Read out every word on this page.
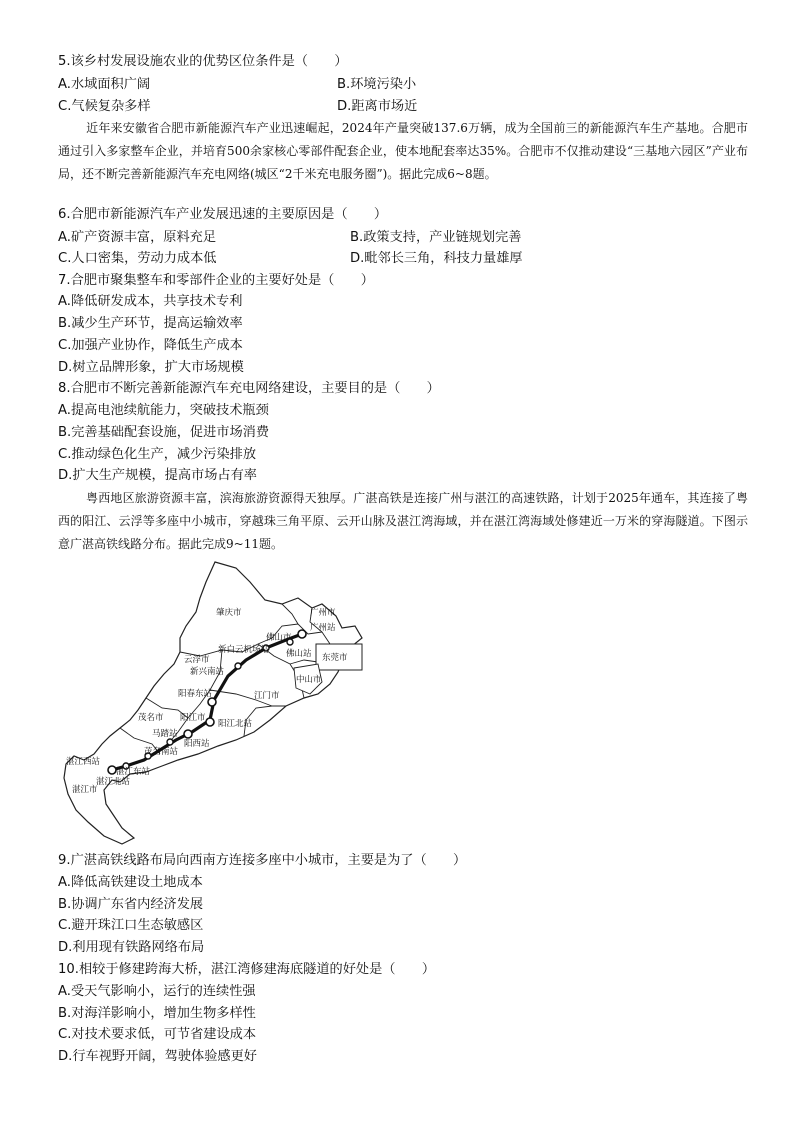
5.该乡村发展设施农业的优势区位条件是（　　）
A.水域面积广阔	B.环境污染小
C.气候复杂多样	D.距离市场近
近年来安徽省合肥市新能源汽车产业迅速崛起，2024年产量突破137.6万辆，成为全国前三的新能源汽车生产基地。合肥市通过引入多家整车企业，并培育500余家核心零部件配套企业，使本地配套率达35%。合肥市不仅推动建设“三基地六园区”产业布局，还不断完善新能源汽车充电网络(城区“2千米充电服务圈”)。据此完成6~8题。
6.合肥市新能源汽车产业发展迅速的主要原因是（　　）
A.矿产资源丰富，原料充足	B.政策支持，产业链规划完善
C.人口密集，劳动力成本低	D.毗邻长三角，科技力量雄厚
7.合肥市聚集整车和零部件企业的主要好处是（　　）
A.降低研发成本，共享技术专利
B.减少生产环节，提高运输效率
C.加强产业协作，降低生产成本
D.树立品牌形象，扩大市场规模
8.合肥市不断完善新能源汽车充电网络建设，主要目的是（　　）
A.提高电池续航能力，突破技术瓶颈
B.完善基础配套设施，促进市场消费
C.推动绿色化生产，减少污染排放
D.扩大生产规模，提高市场占有率
粤西地区旅游资源丰富，滨海旅游资源得天独厚。广湛高铁是连接广州与湛江的高速铁路，计划于2025年通车，其连接了粤西的阳江、云浮等多座中小城市，穿越珠三角平原、云开山脉及湛江湾海域，并在湛江湾海域处修建近一万米的穿海隧道。下图示意广湛高铁线路分布。据此完成9~11题。
肇庆市	广州市
广州站
佛山市
佛山站
新白云机场站
东莞市
云浮市
新兴南站
中山市
阳春东站	江门市
茂名市 阳江市
阳江北站
马踏站
阳西站
茂名南站
湛江西站
湛江东站
湛江北站
湛江市
9.广湛高铁线路布局向西南方连接多座中小城市，主要是为了（　　）
A.降低高铁建设土地成本
B.协调广东省内经济发展
C.避开珠江口生态敏感区
D.利用现有铁路网络布局
10.相较于修建跨海大桥，湛江湾修建海底隧道的好处是（　　）
A.受天气影响小，运行的连续性强
B.对海洋影响小，增加生物多样性
C.对技术要求低，可节省建设成本
D.行车视野开阔，驾驶体验感更好
